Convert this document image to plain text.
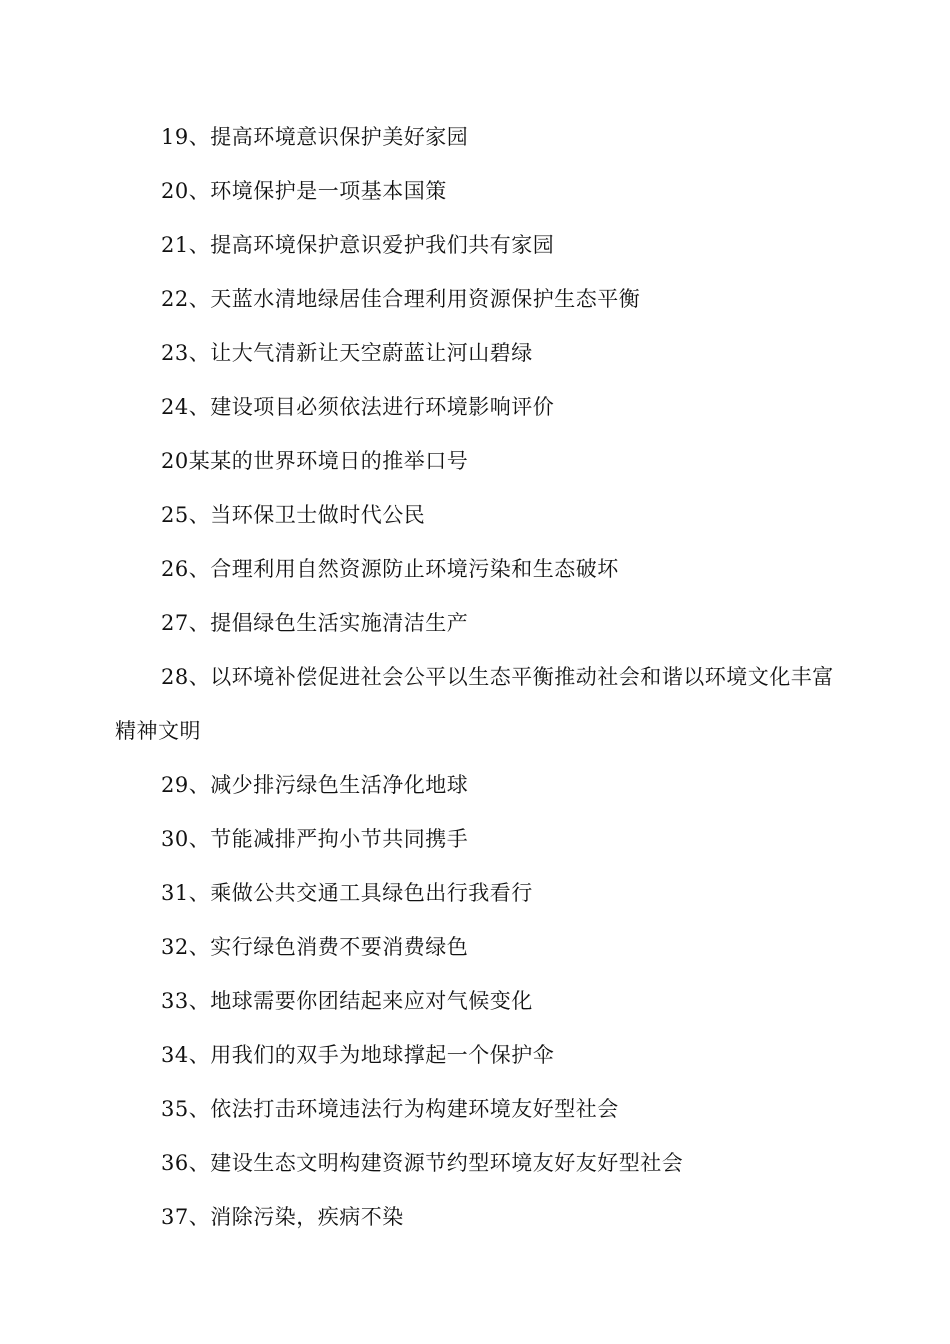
19、提高环境意识保护美好家园
20、环境保护是一项基本国策
21、提高环境保护意识爱护我们共有家园
22、天蓝水清地绿居佳合理利用资源保护生态平衡
23、让大气清新让天空蔚蓝让河山碧绿
24、建设项目必须依法进行环境影响评价
20某某的世界环境日的推举口号
25、当环保卫士做时代公民
26、合理利用自然资源防止环境污染和生态破坏
27、提倡绿色生活实施清洁生产
28、以环境补偿促进社会公平以生态平衡推动社会和谐以环境文化丰富精神文明
29、减少排污绿色生活净化地球
30、节能减排严拘小节共同携手
31、乘做公共交通工具绿色出行我看行
32、实行绿色消费不要消费绿色
33、地球需要你团结起来应对气候变化
34、用我们的双手为地球撑起一个保护伞
35、依法打击环境违法行为构建环境友好型社会
36、建设生态文明构建资源节约型环境友好友好型社会
37、消除污染，疾病不染
